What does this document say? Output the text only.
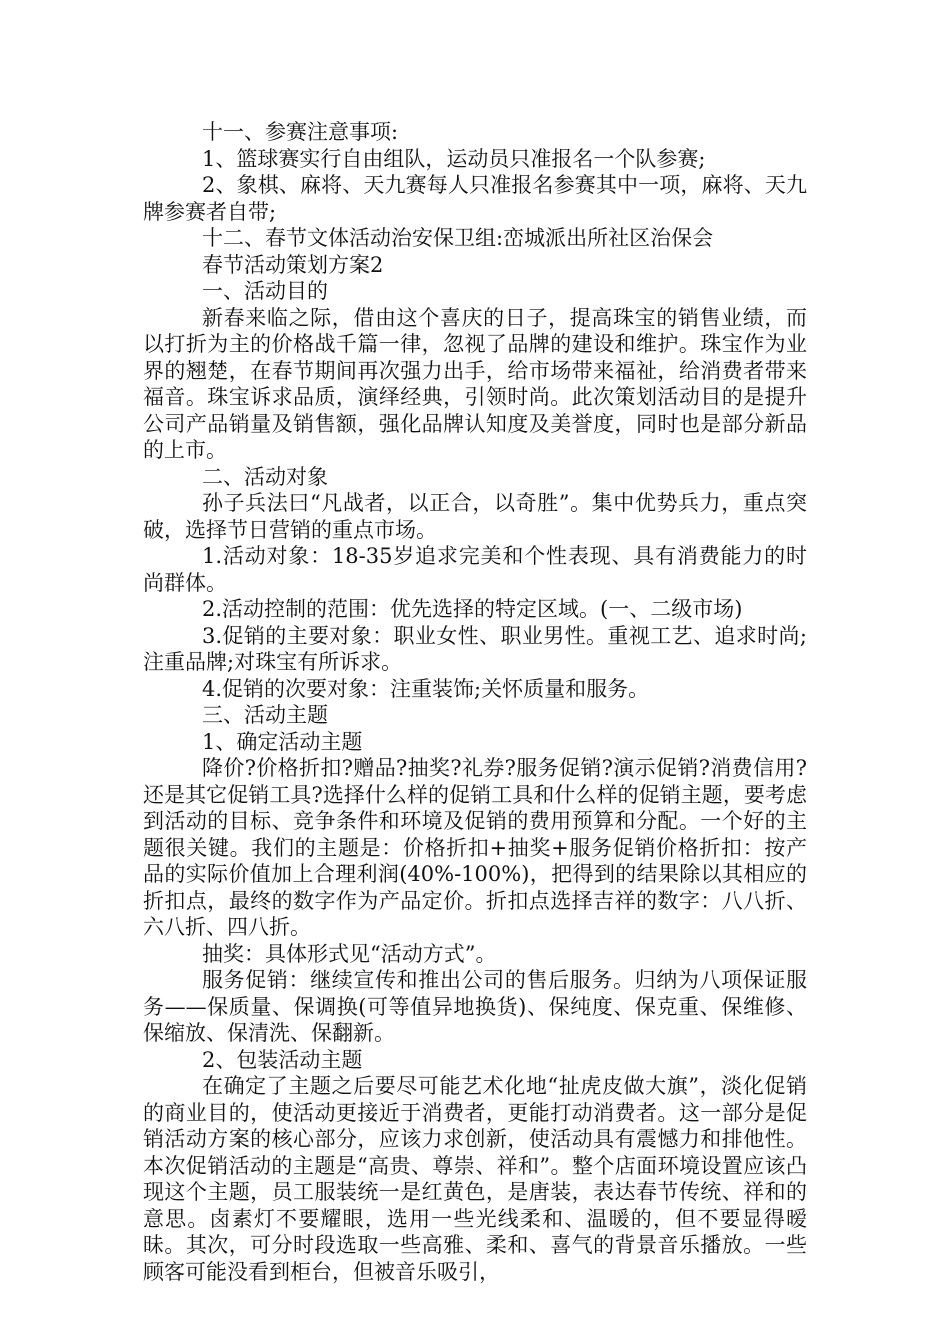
十一、参赛注意事项:

1、篮球赛实行自由组队，运动员只准报名一个队参赛;

2、象棋、麻将、天九赛每人只准报名参赛其中一项，麻将、天九牌参赛者自带;

十二、春节文体活动治安保卫组:峦城派出所社区治保会

春节活动策划方案2

一、活动目的

新春来临之际，借由这个喜庆的日子，提高珠宝的销售业绩，而以打折为主的价格战千篇一律，忽视了品牌的建设和维护。珠宝作为业界的翘楚，在春节期间再次强力出手，给市场带来福祉，给消费者带来福音。珠宝诉求品质，演绎经典，引领时尚。此次策划活动目的是提升公司产品销量及销售额，强化品牌认知度及美誉度，同时也是部分新品的上市。

二、活动对象

孙子兵法曰“凡战者，以正合，以奇胜”。集中优势兵力，重点突破，选择节日营销的重点市场。

1.活动对象：18-35岁追求完美和个性表现、具有消费能力的时尚群体。

2.活动控制的范围：优先选择的特定区域。(一、二级市场)

3.促销的主要对象：职业女性、职业男性。重视工艺、追求时尚;注重品牌;对珠宝有所诉求。

4.促销的次要对象：注重装饰;关怀质量和服务。

三、活动主题

1、确定活动主题

降价?价格折扣?赠品?抽奖?礼券?服务促销?演示促销?消费信用?还是其它促销工具?选择什么样的促销工具和什么样的促销主题，要考虑到活动的目标、竞争条件和环境及促销的费用预算和分配。一个好的主题很关键。我们的主题是：价格折扣+抽奖+服务促销价格折扣：按产品的实际价值加上合理利润(40%-100%)，把得到的结果除以其相应的折扣点，最终的数字作为产品定价。折扣点选择吉祥的数字：八八折、六八折、四八折。

抽奖：具体形式见“活动方式”。

服务促销：继续宣传和推出公司的售后服务。归纳为八项保证服务——保质量、保调换(可等值异地换货)、保纯度、保克重、保维修、保缩放、保清洗、保翻新。

2、包装活动主题

在确定了主题之后要尽可能艺术化地“扯虎皮做大旗”，淡化促销的商业目的，使活动更接近于消费者，更能打动消费者。这一部分是促销活动方案的核心部分，应该力求创新，使活动具有震憾力和排他性。本次促销活动的主题是“高贵、尊崇、祥和”。整个店面环境设置应该凸现这个主题，员工服装统一是红黄色，是唐装，表达春节传统、祥和的意思。卤素灯不要耀眼，选用一些光线柔和、温暖的，但不要显得暧昧。其次，可分时段选取一些高雅、柔和、喜气的背景音乐播放。一些顾客可能没看到柜台，但被音乐吸引，
